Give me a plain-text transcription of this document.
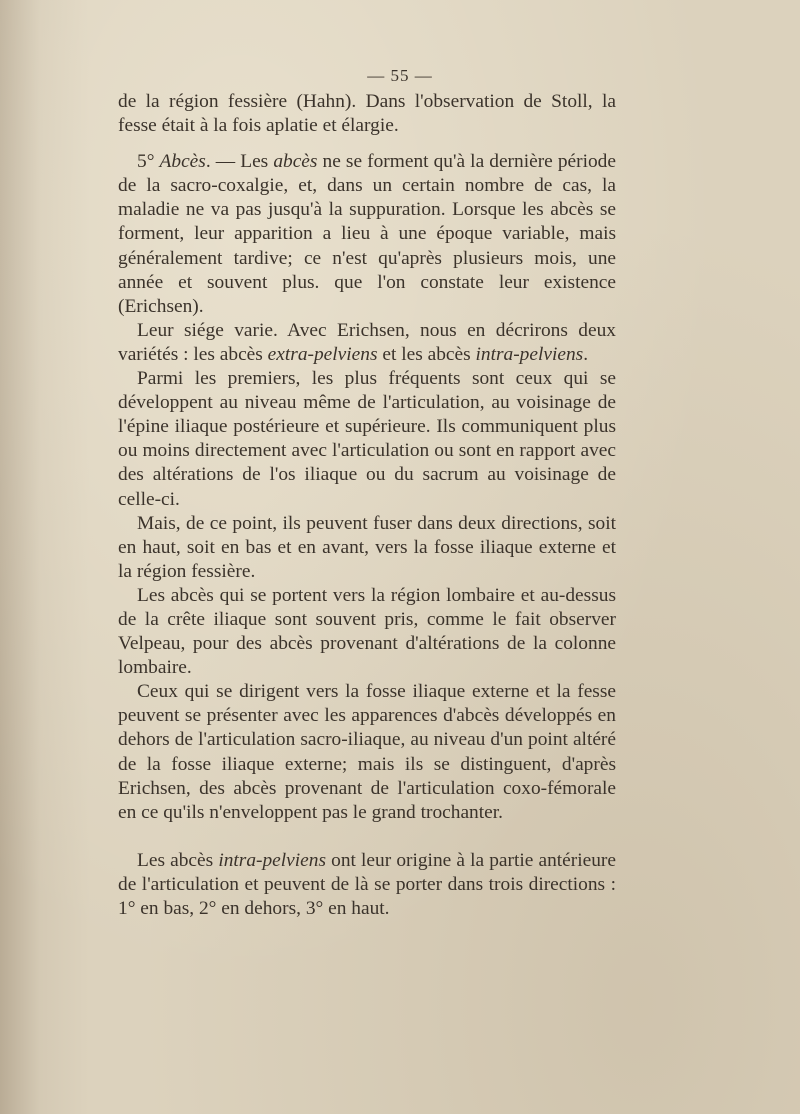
— 55 —

de la région fessière (Hahn). Dans l'observation de Stoll, la fesse était à la fois aplatie et élargie.

5° Abcès. — Les abcès ne se forment qu'à la dernière période de la sacro-coxalgie, et, dans un certain nombre de cas, la maladie ne va pas jusqu'à la suppuration. Lorsque les abcès se forment, leur apparition a lieu à une époque variable, mais généralement tardive; ce n'est qu'après plusieurs mois, une année et souvent plus. que l'on constate leur existence (Erichsen).

Leur siége varie. Avec Erichsen, nous en décrirons deux variétés : les abcès extra-pelviens et les abcès intra-pelviens.

Parmi les premiers, les plus fréquents sont ceux qui se développent au niveau même de l'articulation, au voisinage de l'épine iliaque postérieure et supérieure. Ils communiquent plus ou moins directement avec l'articulation ou sont en rapport avec des altérations de l'os iliaque ou du sacrum au voisinage de celle-ci.

Mais, de ce point, ils peuvent fuser dans deux directions, soit en haut, soit en bas et en avant, vers la fosse iliaque externe et la région fessière.

Les abcès qui se portent vers la région lombaire et au-dessus de la crête iliaque sont souvent pris, comme le fait observer Velpeau, pour des abcès provenant d'altérations de la colonne lombaire.

Ceux qui se dirigent vers la fosse iliaque externe et la fesse peuvent se présenter avec les apparences d'abcès développés en dehors de l'articulation sacro-iliaque, au niveau d'un point altéré de la fosse iliaque externe; mais ils se distinguent, d'après Erichsen, des abcès provenant de l'articulation coxo-fémorale en ce qu'ils n'enveloppent pas le grand trochanter.

Les abcès intra-pelviens ont leur origine à la partie antérieure de l'articulation et peuvent de là se porter dans trois directions : 1° en bas, 2° en dehors, 3° en haut.
